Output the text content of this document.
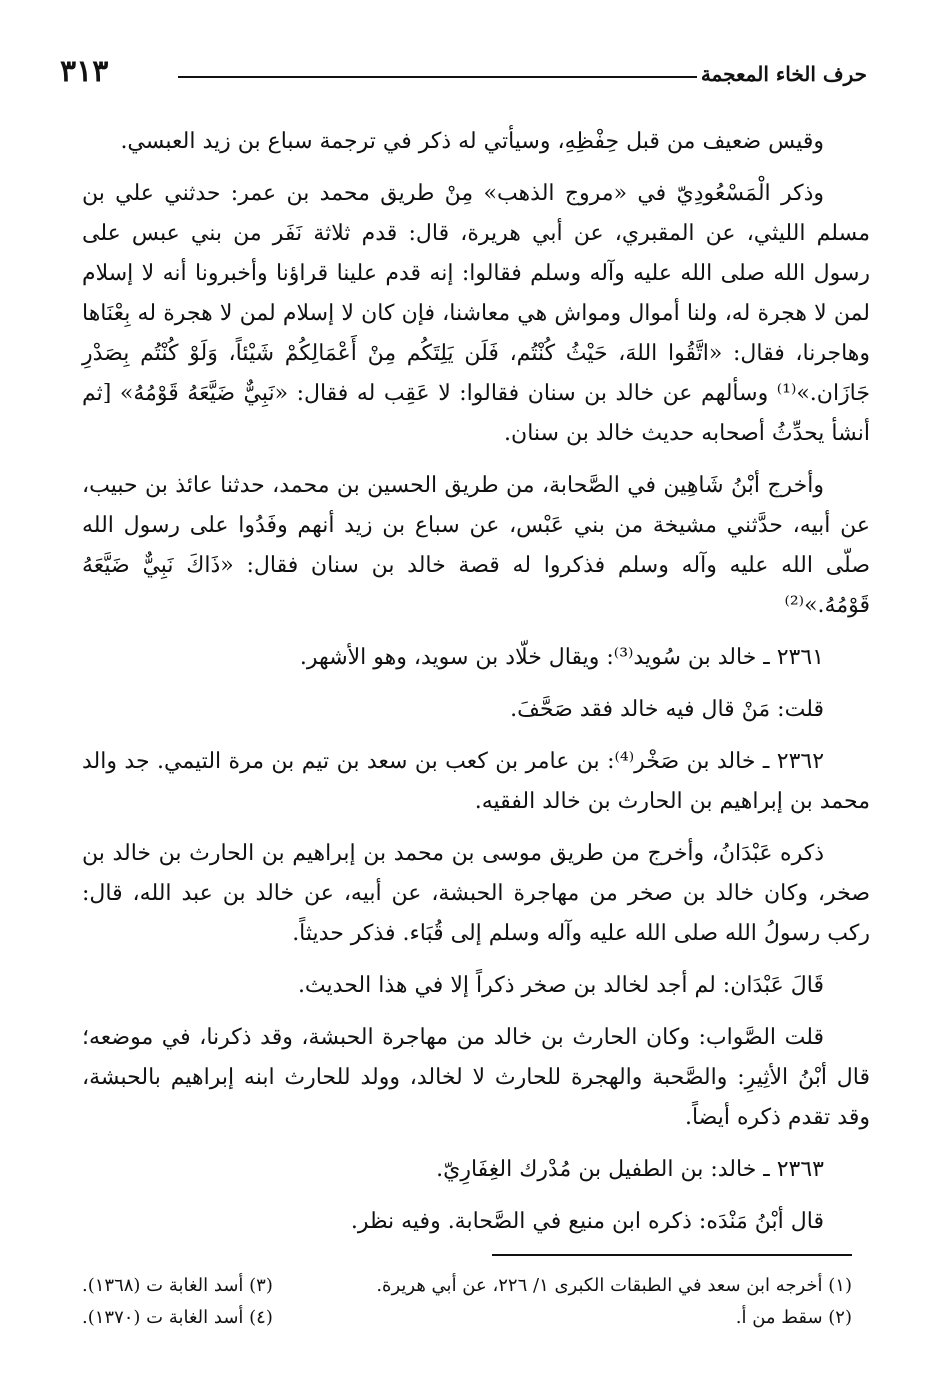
٣١٣	حرف الخاء المعجمة

وقيس ضعيف من قبل حِفْظِهِ، وسيأتي له ذكر في ترجمة سباع بن زيد العبسي.

وذكر الْمَسْعُودِيّ في «مروج الذهب» مِنْ طريق محمد بن عمر: حدثني علي بن مسلم الليثي، عن المقبري، عن أبي هريرة، قال: قدم ثلاثة نَفَر من بني عبس على رسول الله صلى الله عليه وآله وسلم فقالوا: إنه قدم علينا قراؤنا وأخبرونا أنه لا إسلام لمن لا هجرة له، ولنا أموال ومواش هي معاشنا، فإن كان لا إسلام لمن لا هجرة له بِعْنَاها وهاجرنا، فقال: «اتَّقُوا اللهَ، حَيْثُ كُنْتُم، فَلَن يَلِتَكُم مِنْ أَعْمَالِكُمْ شَيْئاً، وَلَوْ كُنْتُم بِصَدْرِ جَازَان.»⁽¹⁾ وسألهم عن خالد بن سنان فقالوا: لا عَقِب له فقال: «نَبِيٌّ ضَيَّعَهُ قَوْمُهُ» [ثم أنشأ يحدِّثُ أصحابه حديث خالد بن سنان.

وأخرج أبْنُ شَاهِين في الصَّحابة، من طريق الحسين بن محمد، حدثنا عائذ بن حبيب، عن أبيه، حدَّثني مشيخة من بني عَبْس، عن سباع بن زيد أنهم وفَدُوا على رسول الله صلّى الله عليه وآله وسلم فذكروا له قصة خالد بن سنان فقال: «ذَاكَ نَبِيٌّ ضَيَّعَهُ قَوْمُهُ.»⁽²⁾

٢٣٦١ ـ خالد بن سُويد⁽³⁾: ويقال خلّاد بن سويد، وهو الأشهر.

قلت: مَنْ قال فيه خالد فقد صَحَّفَ.

٢٣٦٢ ـ خالد بن صَخْر⁽⁴⁾: بن عامر بن كعب بن سعد بن تيم بن مرة التيمي. جد والد محمد بن إبراهيم بن الحارث بن خالد الفقيه.

ذكره عَبْدَانُ، وأخرج من طريق موسى بن محمد بن إبراهيم بن الحارث بن خالد بن صخر، وكان خالد بن صخر من مهاجرة الحبشة، عن أبيه، عن خالد بن عبد الله، قال: ركب رسولُ الله صلى الله عليه وآله وسلم إلى قُبَاء. فذكر حديثاً.

قَالَ عَبْدَان: لم أجد لخالد بن صخر ذكراً إلا في هذا الحديث.

قلت الصَّواب: وكان الحارث بن خالد من مهاجرة الحبشة، وقد ذكرنا، في موضعه؛ قال أبْنُ الأثِيرِ: والصَّحبة والهجرة للحارث لا لخالد، وولد للحارث ابنه إبراهيم بالحبشة، وقد تقدم ذكره أيضاً.

٢٣٦٣ ـ خالد: بن الطفيل بن مُدْرك الغِفَارِيّ.

قال أبْنُ مَنْدَه: ذكره ابن منيع في الصَّحابة. وفيه نظر.

(١) أخرجه ابن سعد في الطبقات الكبرى ١/ ٢٢٦، عن أبي هريرة.
(٢) سقط من أ.
(٣) أسد الغابة ت (١٣٦٨).
(٤) أسد الغابة ت (١٣٧٠).
